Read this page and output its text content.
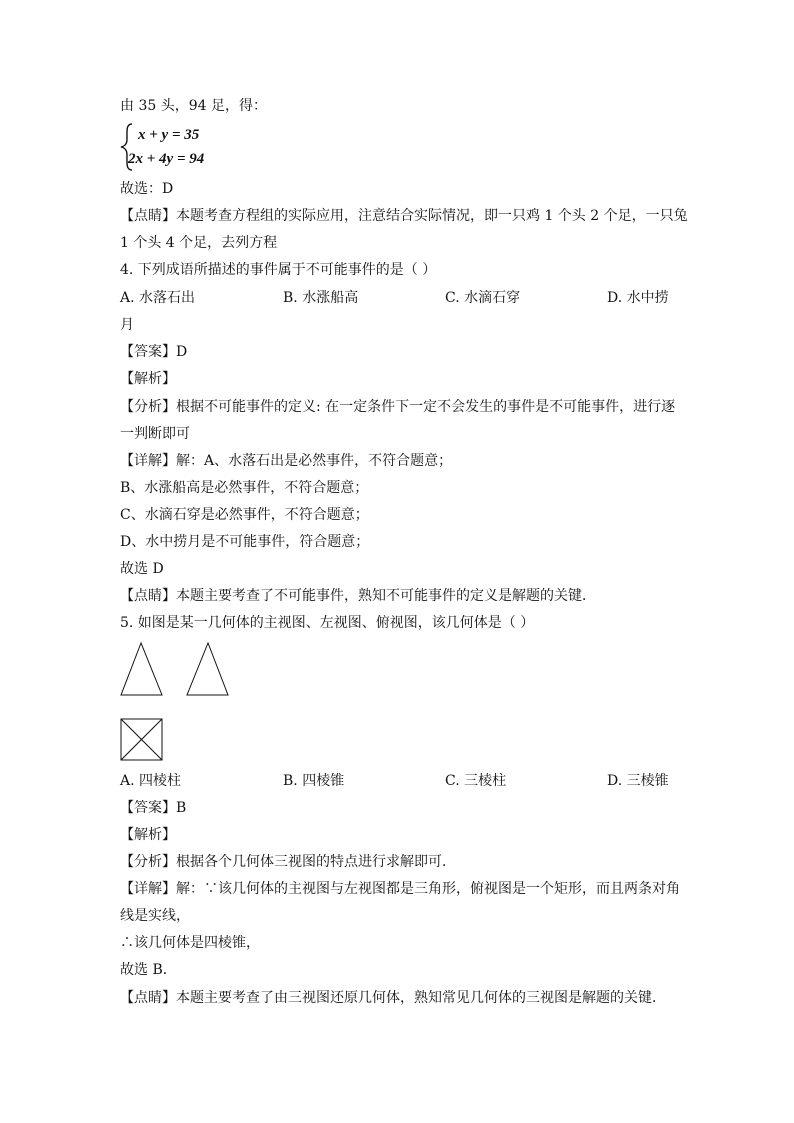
由 35 头，94 足，得：
x + y = 35
2x + 4y = 94
故选：D
【点睛】本题考查方程组的实际应用，注意结合实际情况，即一只鸡 1 个头 2 个足，一只兔
1 个头 4 个足，去列方程
4. 下列成语所描述的事件属于不可能事件的是（ ）
A. 水落石出	B. 水涨船高	C. 水滴石穿	D. 水中捞
月
【答案】D
【解析】
【分析】根据不可能事件的定义: 在一定条件下一定不会发生的事件是不可能事件，进行逐
一判断即可
【详解】解：A、水落石出是必然事件，不符合题意；
B、水涨船高是必然事件，不符合题意；
C、水滴石穿是必然事件，不符合题意；
D、水中捞月是不可能事件，符合题意；
故选 D
【点睛】本题主要考查了不可能事件，熟知不可能事件的定义是解题的关键．
5. 如图是某一几何体的主视图、左视图、俯视图，该几何体是（ ）
A. 四棱柱	B. 四棱锥	C. 三棱柱	D. 三棱锥
【答案】B
【解析】
【分析】根据各个几何体三视图的特点进行求解即可．
【详解】解：∵该几何体的主视图与左视图都是三角形，俯视图是一个矩形，而且两条对角
线是实线，
∴该几何体是四棱锥，
故选 B．
【点睛】本题主要考查了由三视图还原几何体，熟知常见几何体的三视图是解题的关键．
